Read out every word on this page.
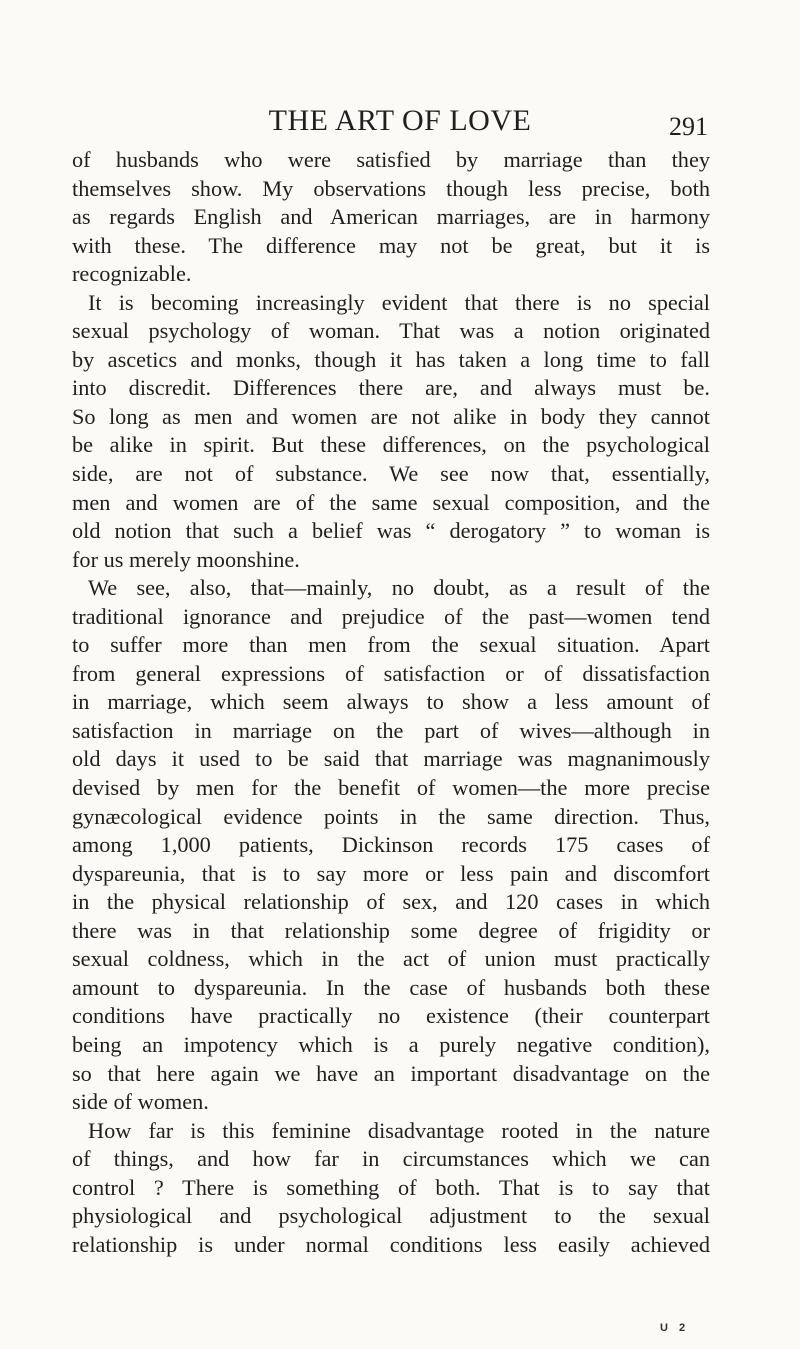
THE ART OF LOVE	291
of husbands who were satisfied by marriage than they
themselves show. My observations though less precise, both
as regards English and American marriages, are in harmony
with these. The difference may not be great, but it is
recognizable.
It is becoming increasingly evident that there is no special
sexual psychology of woman. That was a notion originated
by ascetics and monks, though it has taken a long time to fall
into discredit. Differences there are, and always must be.
So long as men and women are not alike in body they cannot
be alike in spirit. But these differences, on the psychological
side, are not of substance. We see now that, essentially,
men and women are of the same sexual composition, and the
old notion that such a belief was “ derogatory ” to woman is
for us merely moonshine.
We see, also, that—mainly, no doubt, as a result of the
traditional ignorance and prejudice of the past—women tend
to suffer more than men from the sexual situation. Apart
from general expressions of satisfaction or of dissatisfaction
in marriage, which seem always to show a less amount of
satisfaction in marriage on the part of wives—although in
old days it used to be said that marriage was magnanimously
devised by men for the benefit of women—the more precise
gynæcological evidence points in the same direction. Thus,
among 1,000 patients, Dickinson records 175 cases of
dyspareunia, that is to say more or less pain and discomfort
in the physical relationship of sex, and 120 cases in which
there was in that relationship some degree of frigidity or
sexual coldness, which in the act of union must practically
amount to dyspareunia. In the case of husbands both these
conditions have practically no existence (their counterpart
being an impotency which is a purely negative condition),
so that here again we have an important disadvantage on the
side of women.
How far is this feminine disadvantage rooted in the nature
of things, and how far in circumstances which we can
control ? There is something of both. That is to say that
physiological and psychological adjustment to the sexual
relationship is under normal conditions less easily achieved
U 2
